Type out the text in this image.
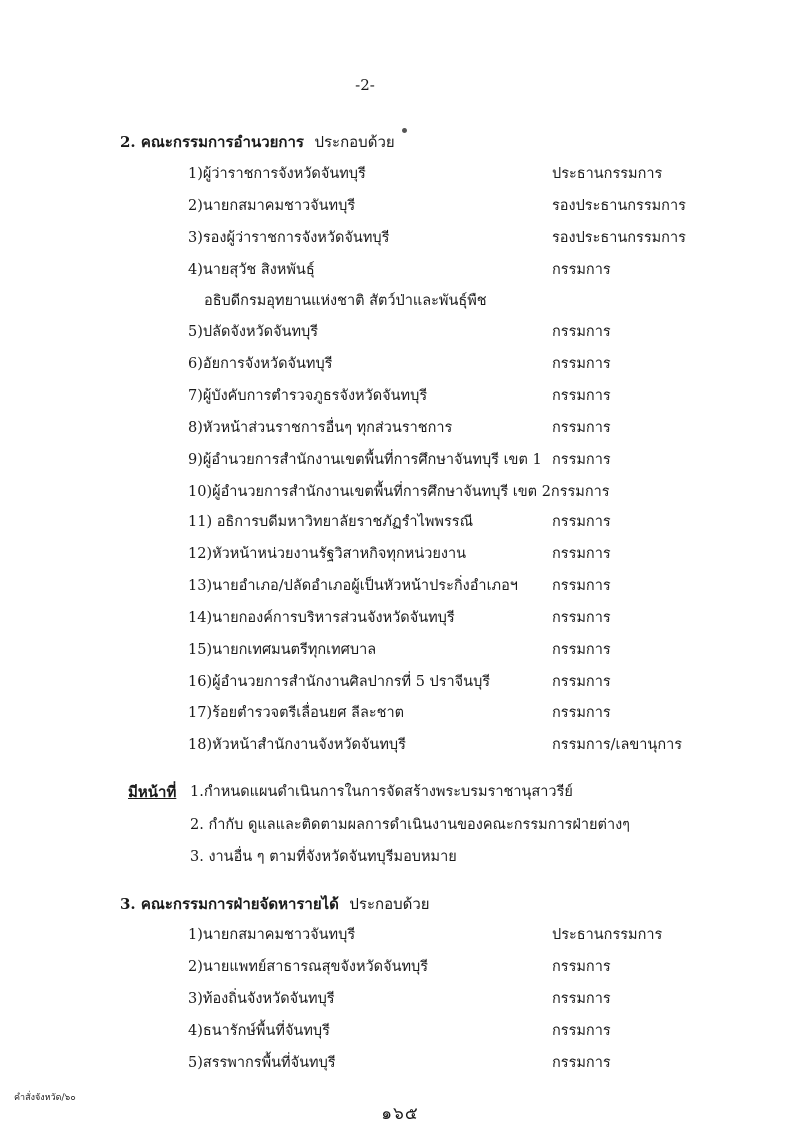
-2-
2. คณะกรรมการอำนวยการ ประกอบด้วย
1)ผู้ว่าราชการจังหวัดจันทบุรี	ประธานกรรมการ
2)นายกสมาคมชาวจันทบุรี	รองประธานกรรมการ
3)รองผู้ว่าราชการจังหวัดจันทบุรี	รองประธานกรรมการ
4)นายสุวัช สิงหพันธุ์	กรรมการ
อธิบดีกรมอุทยานแห่งชาติ สัตว์ป่าและพันธุ์พืช
5)ปลัดจังหวัดจันทบุรี	กรรมการ
6)อัยการจังหวัดจันทบุรี	กรรมการ
7)ผู้บังคับการตำรวจภูธรจังหวัดจันทบุรี	กรรมการ
8)หัวหน้าส่วนราชการอื่นๆ ทุกส่วนราชการ	กรรมการ
9)ผู้อำนวยการสำนักงานเขตพื้นที่การศึกษาจันทบุรี เขต 1 กรรมการ
10)ผู้อำนวยการสำนักงานเขตพื้นที่การศึกษาจันทบุรี เขต 2กรรมการ
11) อธิการบดีมหาวิทยาลัยราชภัฏรำไพพรรณี	กรรมการ
12)หัวหน้าหน่วยงานรัฐวิสาหกิจทุกหน่วยงาน	กรรมการ
13)นายอำเภอ/ปลัดอำเภอผู้เป็นหัวหน้าประกิ่งอำเภอฯ กรรมการ
14)นายกองค์การบริหารส่วนจังหวัดจันทบุรี	กรรมการ
15)นายกเทศมนตรีทุกเทศบาล	กรรมการ
16)ผู้อำนวยการสำนักงานศิลปากรที่ 5 ปราจีนบุรี	กรรมการ
17)ร้อยตำรวจตรีเลื่อนยศ ลีละชาต	กรรมการ
18)หัวหน้าสำนักงานจังหวัดจันทบุรี	กรรมการ/เลขานุการ
มีหน้าที่ 1.กำหนดแผนดำเนินการในการจัดสร้างพระบรมราชานุสาวรีย์
2. กำกับ ดูแลและติดตามผลการดำเนินงานของคณะกรรมการฝ่ายต่างๆ
3. งานอื่น ๆ ตามที่จังหวัดจันทบุรีมอบหมาย
3. คณะกรรมการฝ่ายจัดหารายได้ ประกอบด้วย
1)นายกสมาคมชาวจันทบุรี	ประธานกรรมการ
2)นายแพทย์สาธารณสุขจังหวัดจันทบุรี	กรรมการ
3)ท้องถิ่นจังหวัดจันทบุรี	กรรมการ
4)ธนารักษ์พื้นที่จันทบุรี	กรรมการ
5)สรรพากรพื้นที่จันทบุรี	กรรมการ
คำสั่งจังหวัด/๖๐
๑๖๕
